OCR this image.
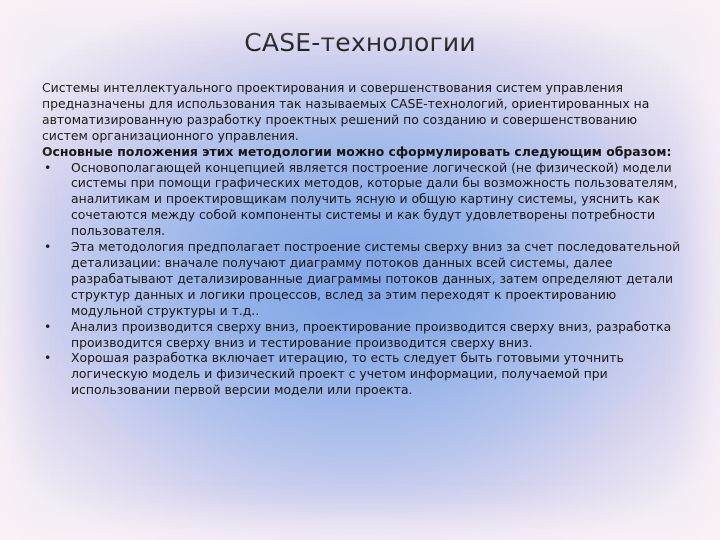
CASE-технологии

Системы интеллектуального проектирования и совершенствования систем управления предназначены для использования так называемых CASE-технологий, ориентированных на автоматизированную разработку проектных решений по созданию и совершенствованию систем организационного управления.

Основные положения этих методологии можно сформулировать следующим образом:

• Основополагающей концепцией является построение логической (не физической) модели системы при помощи графических методов, которые дали бы возможность пользователям, аналитикам и проектировщикам получить ясную и общую картину системы, уяснить как сочетаются между собой компоненты системы и как будут удовлетворены потребности пользователя.
• Эта методология предполагает построение системы сверху вниз за счет последовательной детализации: вначале получают диаграмму потоков данных всей системы, далее разрабатывают детализированные диаграммы потоков данных, затем определяют детали структур данных и логики процессов, вслед за этим переходят к проектированию модульной структуры и т.д..
• Анализ производится сверху вниз, проектирование производится сверху вниз, разработка производится сверху вниз и тестирование производится сверху вниз.
• Хорошая разработка включает итерацию, то есть следует быть готовыми уточнить логическую модель и физический проект с учетом информации, получаемой при использовании первой версии модели или проекта.
